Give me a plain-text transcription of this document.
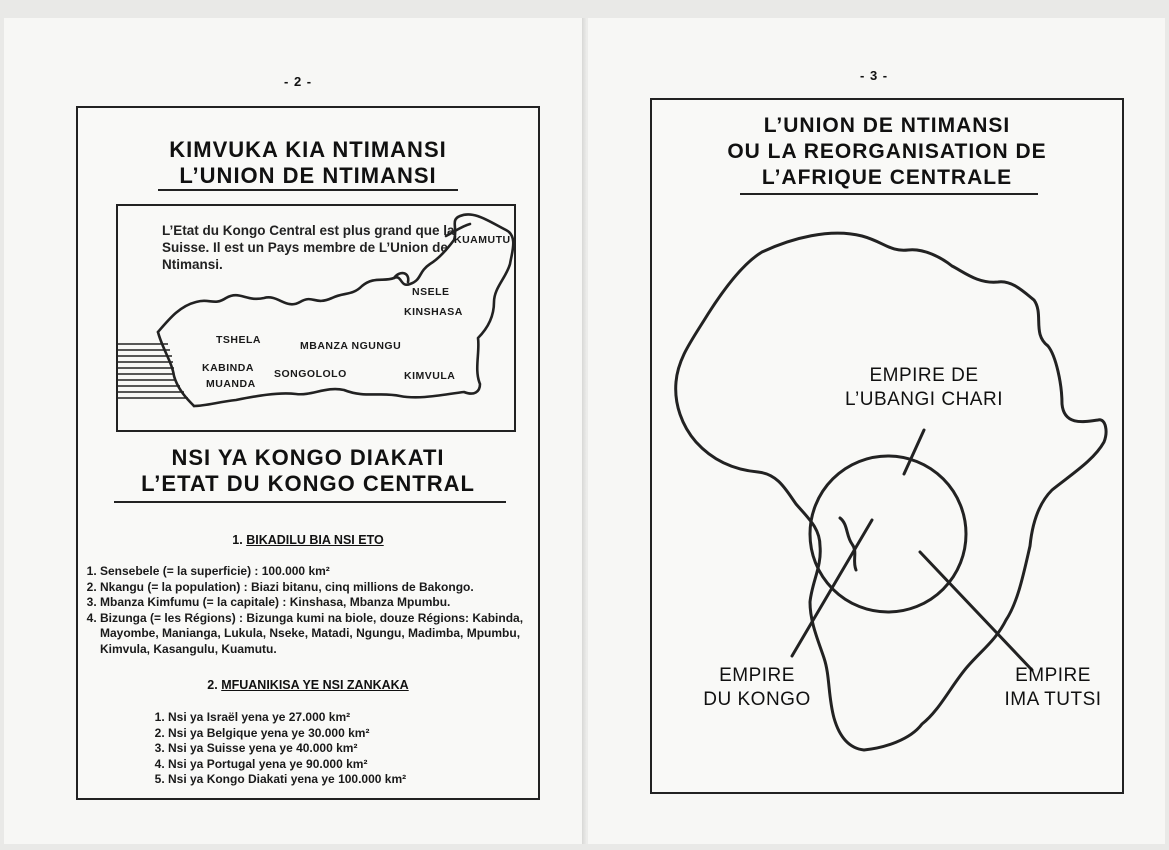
- 2 -
KIMVUKA KIA NTIMANSI
L’UNION DE NTIMANSI
L’Etat du Kongo Central est plus grand que la Suisse. Il est un Pays membre de L’Union de Ntimansi.
KUAMUTU
NSELE
KINSHASA
TSHELA	MBANZA NGUNGU
KABINDA
MUANDA
SONGOLOLO	KIMVULA
NSI YA KONGO DIAKATI
L’ETAT DU KONGO CENTRAL
1. BIKADILU BIA NSI ETO
1. Sensebele (= la superficie) : 100.000 km²
2. Nkangu (= la population) : Biazi bitanu, cinq millions de Bakongo.
3. Mbanza Kimfumu (= la capitale) : Kinshasa, Mbanza Mpumbu.
4. Bizunga (= les Régions) : Bizunga kumi na biole, douze Régions: Kabinda, Mayombe, Manianga, Lukula, Nseke, Matadi, Ngungu, Madimba, Mpumbu, Kimvula, Kasangulu, Kuamutu.
2. MFUANIKISA YE NSI ZANKAKA
1. Nsi ya Israël yena ye 27.000 km²
2. Nsi ya Belgique yena ye 30.000 km²
3. Nsi ya Suisse yena ye 40.000 km²
4. Nsi ya Portugal yena ye 90.000 km²
5. Nsi ya Kongo Diakati yena ye 100.000 km²
- 3 -
L’UNION DE NTIMANSI
OU LA REORGANISATION DE
L’AFRIQUE CENTRALE
EMPIRE DE
L’UBANGI CHARI
EMPIRE
DU KONGO
EMPIRE
IMA TUTSI
